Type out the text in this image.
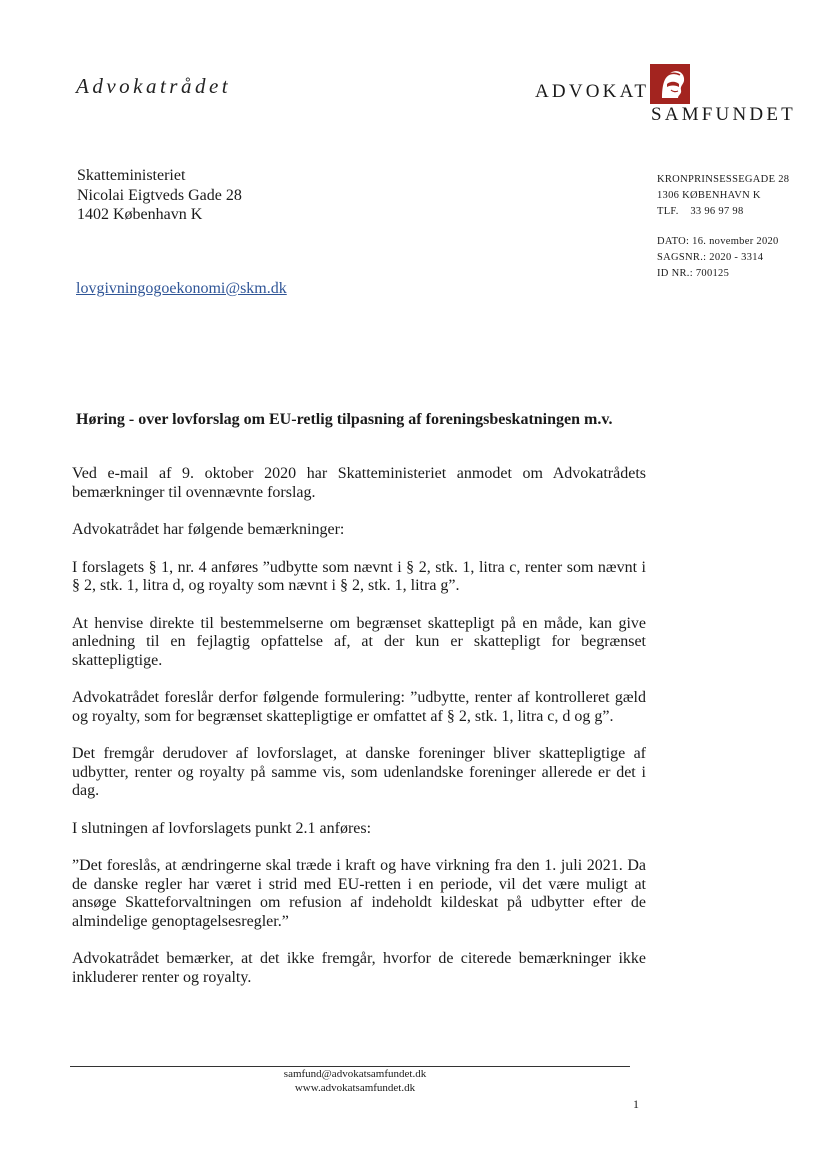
Advokatrådet	ADVOKAT
SAMFUNDET
Skatteministeriet
Nicolai Eigtveds Gade 28
1402 København K
KRONPRINSESSEGADE 28
1306 KØBENHAVN K
TLF.    33 96 97 98
DATO: 16. november 2020
SAGSNR.: 2020 - 3314
ID NR.: 700125
lovgivningogoekonomi@skm.dk
Høring - over lovforslag om EU-retlig tilpasning af foreningsbeskatningen m.v.

Ved e-mail af 9. oktober 2020 har Skatteministeriet anmodet om Advokatrådets bemærkninger til ovennævnte forslag.

Advokatrådet har følgende bemærkninger:

I forslagets § 1, nr. 4 anføres ”udbytte som nævnt i § 2, stk. 1, litra c, renter som nævnt i § 2, stk. 1, litra d, og royalty som nævnt i § 2, stk. 1, litra g”.

At henvise direkte til bestemmelserne om begrænset skattepligt på en måde, kan give anledning til en fejlagtig opfattelse af, at der kun er skattepligt for begrænset skattepligtige.

Advokatrådet foreslår derfor følgende formulering: ”udbytte, renter af kontrolleret gæld og royalty, som for begrænset skattepligtige er omfattet af § 2, stk. 1, litra c, d og g”.

Det fremgår derudover af lovforslaget, at danske foreninger bliver skattepligtige af udbytter, renter og royalty på samme vis, som udenlandske foreninger allerede er det i dag.

I slutningen af lovforslagets punkt 2.1 anføres:

”Det foreslås, at ændringerne skal træde i kraft og have virkning fra den 1. juli 2021. Da de danske regler har været i strid med EU-retten i en periode, vil det være muligt at ansøge Skatteforvaltningen om refusion af indeholdt kildeskat på udbytter efter de almindelige genoptagelsesregler.”

Advokatrådet bemærker, at det ikke fremgår, hvorfor de citerede bemærkninger ikke inkluderer renter og royalty.

samfund@advokatsamfundet.dk
www.advokatsamfundet.dk
1
